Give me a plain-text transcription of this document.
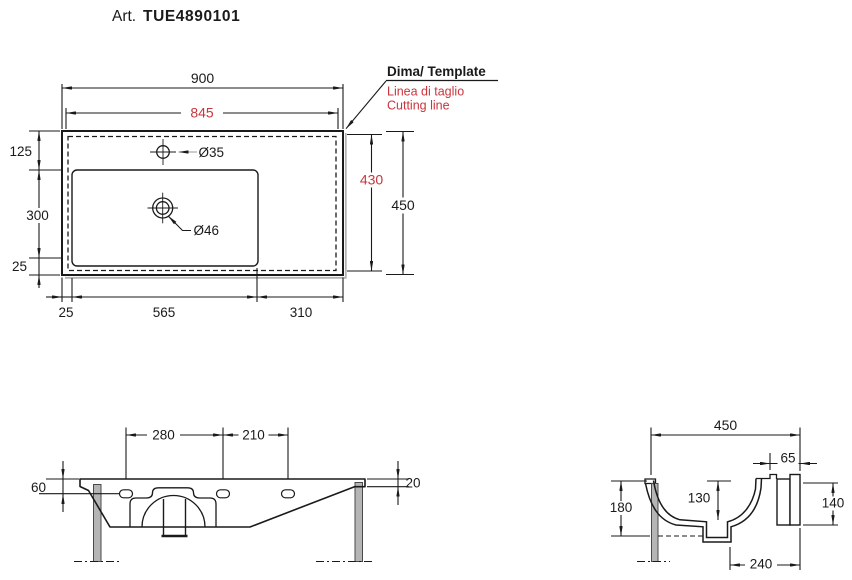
Art. TUE4890101
Ø35
Ø46
900
845
430
450
125
300
25
25	565	310
Dima/ Template
Linea di taglio
Cutting line
280	210
60	20
450
65
180
130	140
240
